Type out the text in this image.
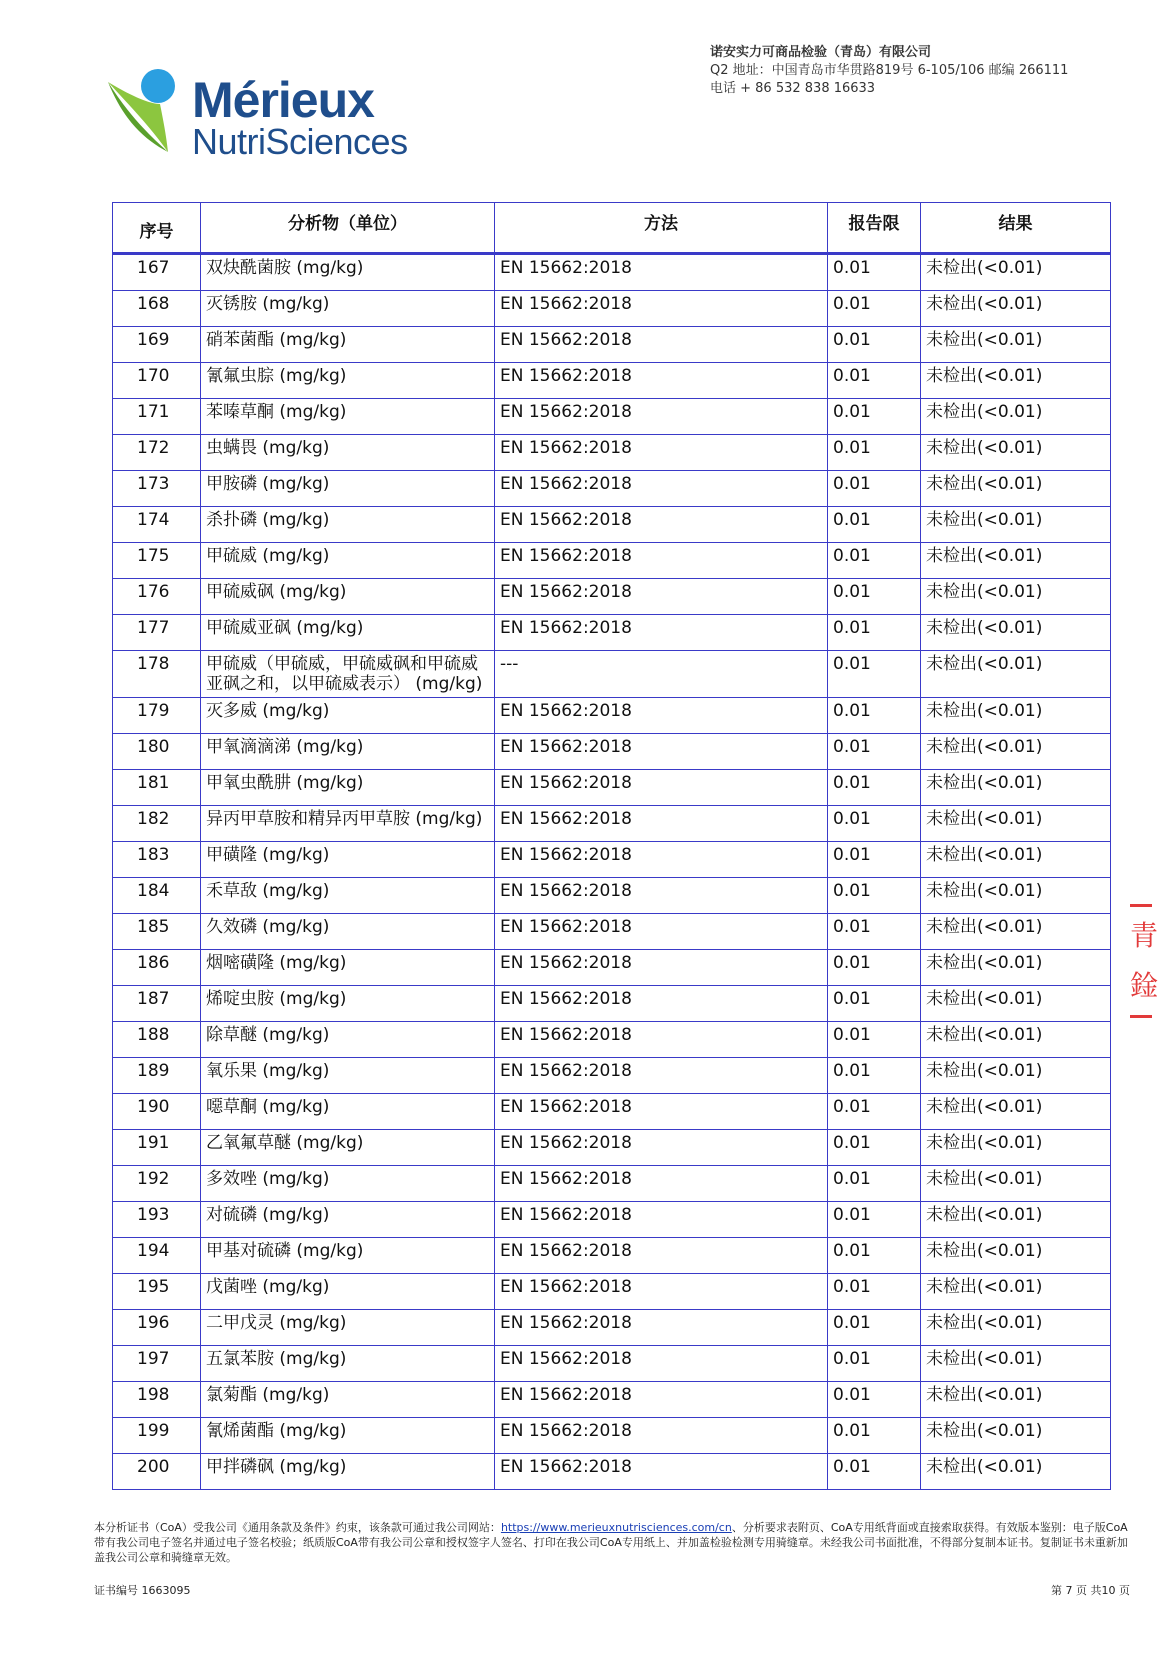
Mérieux
NutriSciences
诺安实力可商品检验（青岛）有限公司
Q2 地址：中国青岛市华贯路819号 6-105/106 邮编 266111
电话 + 86 532 838 16633
序号	分析物（单位）	方法	报告限	结果
167	双炔酰菌胺 (mg/kg)	EN 15662:2018	0.01	未检出(<0.01)
168	灭锈胺 (mg/kg)	EN 15662:2018	0.01	未检出(<0.01)
169	硝苯菌酯 (mg/kg)	EN 15662:2018	0.01	未检出(<0.01)
170	氰氟虫腙 (mg/kg)	EN 15662:2018	0.01	未检出(<0.01)
171	苯嗪草酮 (mg/kg)	EN 15662:2018	0.01	未检出(<0.01)
172	虫螨畏 (mg/kg)	EN 15662:2018	0.01	未检出(<0.01)
173	甲胺磷 (mg/kg)	EN 15662:2018	0.01	未检出(<0.01)
174	杀扑磷 (mg/kg)	EN 15662:2018	0.01	未检出(<0.01)
175	甲硫威 (mg/kg)	EN 15662:2018	0.01	未检出(<0.01)
176	甲硫威砜 (mg/kg)	EN 15662:2018	0.01	未检出(<0.01)
177	甲硫威亚砜 (mg/kg)	EN 15662:2018	0.01	未检出(<0.01)
178	甲硫威（甲硫威，甲硫威砜和甲硫威亚砜之和，以甲硫威表示） (mg/kg)	---	0.01	未检出(<0.01)
179	灭多威 (mg/kg)	EN 15662:2018	0.01	未检出(<0.01)
180	甲氧滴滴涕 (mg/kg)	EN 15662:2018	0.01	未检出(<0.01)
181	甲氧虫酰肼 (mg/kg)	EN 15662:2018	0.01	未检出(<0.01)
182	异丙甲草胺和精异丙甲草胺 (mg/kg)	EN 15662:2018	0.01	未检出(<0.01)
183	甲磺隆 (mg/kg)	EN 15662:2018	0.01	未检出(<0.01)
184	禾草敌 (mg/kg)	EN 15662:2018	0.01	未检出(<0.01)
185	久效磷 (mg/kg)	EN 15662:2018	0.01	未检出(<0.01)
186	烟嘧磺隆 (mg/kg)	EN 15662:2018	0.01	未检出(<0.01)
187	烯啶虫胺 (mg/kg)	EN 15662:2018	0.01	未检出(<0.01)
188	除草醚 (mg/kg)	EN 15662:2018	0.01	未检出(<0.01)
189	氧乐果 (mg/kg)	EN 15662:2018	0.01	未检出(<0.01)
190	噁草酮 (mg/kg)	EN 15662:2018	0.01	未检出(<0.01)
191	乙氧氟草醚 (mg/kg)	EN 15662:2018	0.01	未检出(<0.01)
192	多效唑 (mg/kg)	EN 15662:2018	0.01	未检出(<0.01)
193	对硫磷 (mg/kg)	EN 15662:2018	0.01	未检出(<0.01)
194	甲基对硫磷 (mg/kg)	EN 15662:2018	0.01	未检出(<0.01)
195	戊菌唑 (mg/kg)	EN 15662:2018	0.01	未检出(<0.01)
196	二甲戊灵 (mg/kg)	EN 15662:2018	0.01	未检出(<0.01)
197	五氯苯胺 (mg/kg)	EN 15662:2018	0.01	未检出(<0.01)
198	氯菊酯 (mg/kg)	EN 15662:2018	0.01	未检出(<0.01)
199	氰烯菌酯 (mg/kg)	EN 15662:2018	0.01	未检出(<0.01)
200	甲拌磷砜 (mg/kg)	EN 15662:2018	0.01	未检出(<0.01)
青
鍂
本分析证书（CoA）受我公司《通用条款及条件》约束，该条款可通过我公司网站：https://www.merieuxnutrisciences.com/cn、分析要求表附页、CoA专用纸背面或直接索取获得。有效版本鉴别：电子版CoA带有我公司电子签名并通过电子签名校验；纸质版CoA带有我公司公章和授权签字人签名、打印在我公司CoA专用纸上、并加盖检验检测专用骑缝章。未经我公司书面批准，不得部分复制本证书。复制证书未重新加盖我公司公章和骑缝章无效。
证书编号 1663095	第 7 页 共10 页
